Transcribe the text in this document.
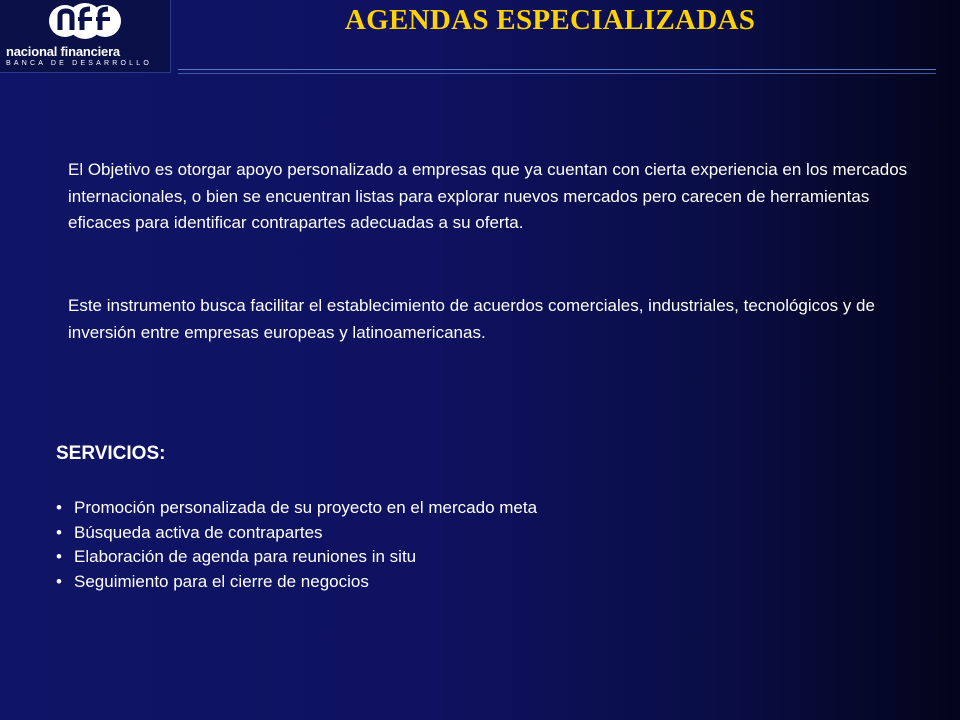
nacional financiera
BANCA DE DESARROLLO
AGENDAS ESPECIALIZADAS

El Objetivo es otorgar apoyo personalizado a empresas que ya cuentan con cierta experiencia en los mercados internacionales, o bien se encuentran listas para explorar nuevos mercados pero carecen de herramientas eficaces para identificar contrapartes adecuadas a su oferta.

Este instrumento busca facilitar el establecimiento de acuerdos comerciales, industriales, tecnológicos y de inversión entre empresas europeas y latinoamericanas.

SERVICIOS:
• Promoción personalizada de su proyecto en el mercado meta
• Búsqueda activa de contrapartes
• Elaboración de agenda para reuniones in situ
• Seguimiento para el cierre de negocios
